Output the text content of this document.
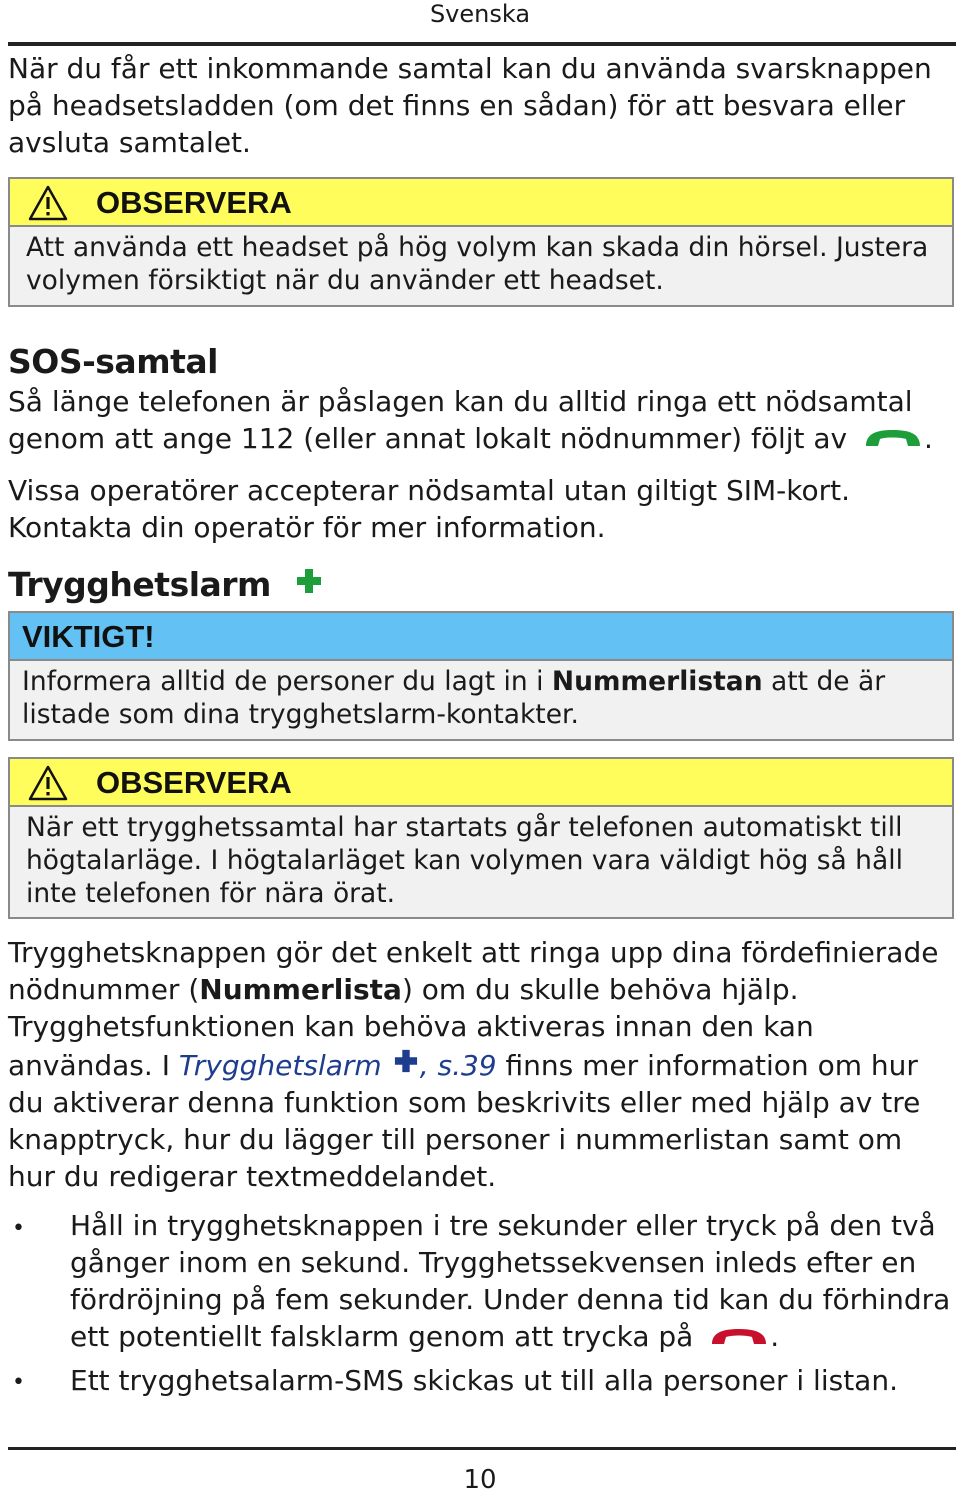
Svenska
När du får ett inkommande samtal kan du använda svarsknappen på headsetsladden (om det finns en sådan) för att besvara eller avsluta samtalet.
OBSERVERA
Att använda ett headset på hög volym kan skada din hörsel. Justera volymen försiktigt när du använder ett headset.
SOS-samtal
Så länge telefonen är påslagen kan du alltid ringa ett nödsamtal genom att ange 112 (eller annat lokalt nödnummer) följt av	.
Vissa operatörer accepterar nödsamtal utan giltigt SIM-kort. Kontakta din operatör för mer information.
Trygghetslarm
VIKTIGT!
Informera alltid de personer du lagt in i Nummerlistan att de är listade som dina trygghetslarm-kontakter.
OBSERVERA
När ett trygghetssamtal har startats går telefonen automatiskt till högtalarläge. I högtalarläget kan volymen vara väldigt hög så håll inte telefonen för nära örat.
Trygghetsknappen gör det enkelt att ringa upp dina fördefinierade nödnummer (Nummerlista) om du skulle behöva hjälp. Trygghetsfunktionen kan behöva aktiveras innan den kan användas. I Trygghetslarm , s.39 finns mer information om hur du aktiverar denna funktion som beskrivits eller med hjälp av tre knapptryck, hur du lägger till personer i nummerlistan samt om hur du redigerar textmeddelandet.
• Håll in trygghetsknappen i tre sekunder eller tryck på den två gånger inom en sekund. Trygghetssekvensen inleds efter en fördröjning på fem sekunder. Under denna tid kan du förhindra ett potentiellt falsklarm genom att trycka på	.
• Ett trygghetsalarm-SMS skickas ut till alla personer i listan.
10
